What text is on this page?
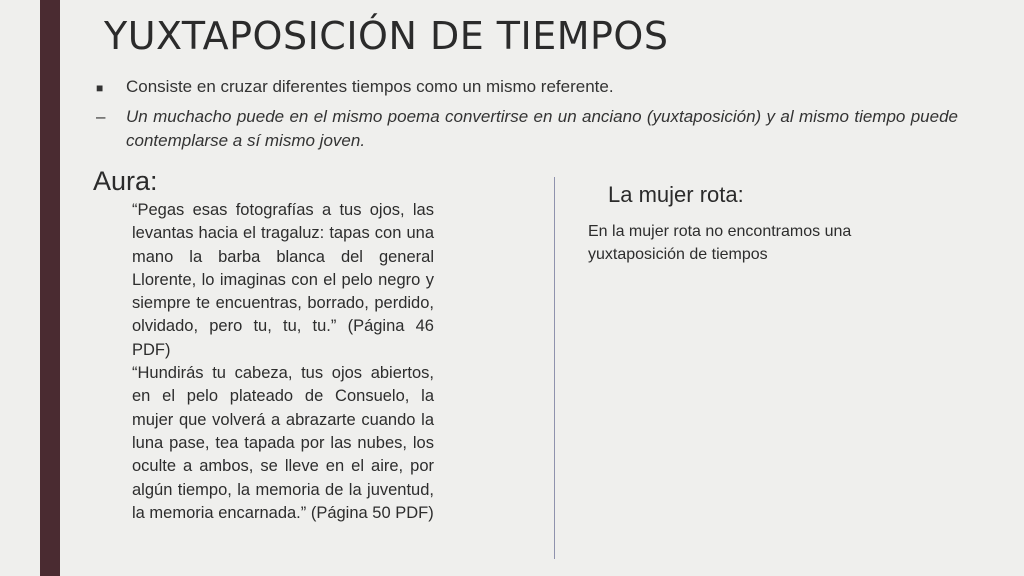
YUXTAPOSICIÓN DE TIEMPOS
■	Consiste en cruzar diferentes tiempos como un mismo referente.
–	Un muchacho puede en el mismo poema convertirse en un anciano (yuxtaposición) y al mismo tiempo puede contemplarse a sí mismo joven.
Aura:

“Pegas esas fotografías a tus ojos, las levantas hacia el tragaluz: tapas con una mano la barba blanca del general Llorente, lo imaginas con el pelo negro y siempre te encuentras, borrado, perdido, olvidado, pero tu, tu, tu.” (Página 46 PDF)

“Hundirás tu cabeza, tus ojos abiertos, en el pelo plateado de Consuelo, la mujer que volverá a abrazarte cuando la luna pase, tea tapada por las nubes, los oculte a ambos, se lleve en el aire, por algún tiempo, la memoria de la juventud, la memoria encarnada.” (Página 50 PDF)

La mujer rota:
En la mujer rota no encontramos una yuxtaposición de tiempos
